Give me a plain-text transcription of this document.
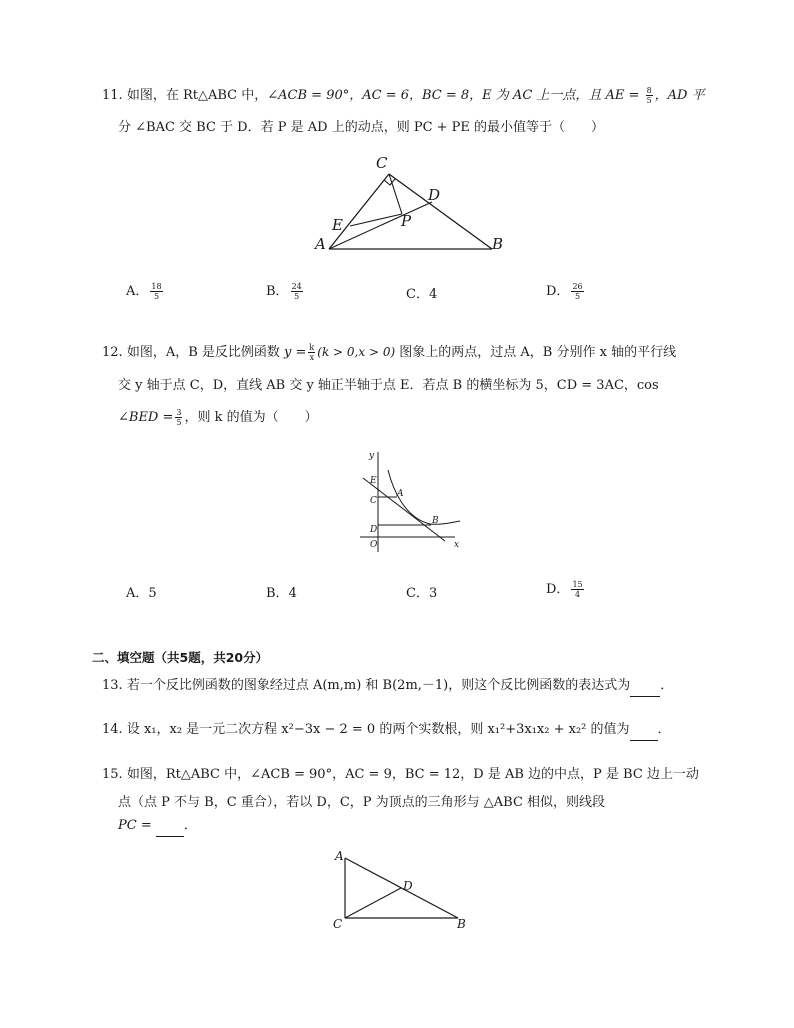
11. 如图，在 Rt△ABC 中，∠ACB = 90°，AC = 6，BC = 8，E 为 AC 上一点，且 AE = $\frac{8}{5}$ ，AD 平
分 ∠BAC 交 BC 于 D．若 P 是 AD 上的动点，则 PC + PE 的最小值等于（　　）
C
D
E	P
A	B
A． $\frac{18}{5}$	B． $\frac{24}{5}$	C．4	D． $\frac{26}{5}$
12. 如图，A，B 是反比例函数 $y = \frac{k}{x} (k > 0,x > 0)$ 图象上的两点，过点 A，B 分别作 x 轴的平行线
交 y 轴于点 C，D，直线 AB 交 y 轴正半轴于点 E．若点 B 的横坐标为 5，CD = 3AC，cos
∠BED = $\frac{3}{5}$ ，则 k 的值为（　　）
y
E
C
A
D
B
O	x
A．5	B．4	C．3	D． $\frac{15}{4}$
二、填空题（共5题，共20分）
13. 若一个反比例函数的图象经过点 A(m,m) 和 B(2m,－1)，则这个反比例函数的表达式为 ．
14. 设 x₁，x₂ 是一元二次方程 x²−3x − 2 = 0 的两个实数根，则 x₁²+3x₁x₂ + x₂² 的值为 ．
15. 如图，Rt△ABC 中，∠ACB = 90°，AC = 9，BC = 12，D 是 AB 边的中点，P 是 BC 边上一动
点（点 P 不与 B，C 重合），若以 D，C，P 为顶点的三角形与 △ABC 相似，则线段
PC = ．
A
D
C	B
